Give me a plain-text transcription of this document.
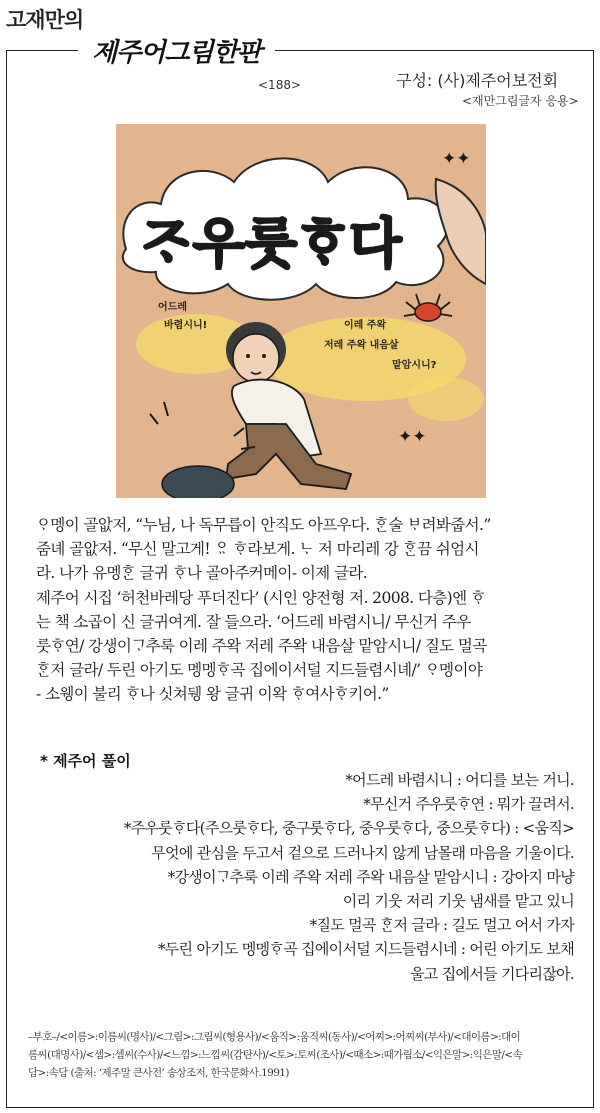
고재만의
제주어그림한판
<188>	구성: (사)제주어보전회
<재만그림글자 응용>
ᄌᆞ우룻ᄒᆞ다
✦✦
어드레 바렴시니!	이레 주왁 저레 주왁 내음살 맡암시니?
✦✦

ᄋᆞ멩이 골앖저, “누님, 나 독무릅이 안직도 아프우다. ᄒᆞᆫ술 ᄇᆞ려봐줍서.”

줌녜 골앖저. “무신 말고게! ᄋᆢ ᄒᆞ라보게. ᄂᆞ 저 마리레 강 ᄒᆞᆫ끔 쉬엄시

라. 나가 유멩ᄒᆞᆫ 글귀 ᄒᆞ나 골아주커메이- 이제 글라.

제주어 시집 ‘허천바레당 푸더진다’ (시인 양전형 저. 2008. 다층)엔 ᄒᆞ

는 책 소곱이 신 글귀여게. 잘 들으라. ‘어드레 바렴시니/ 무신거 주우

룻ᄒᆞ연/ 강생이ᄀᆞ추룩 이레 주왁 저레 주왁 내음살 맡암시니/ 질도 멀곡

ᄒᆞᆫ저 글라/ 두린 아기도 멩멩ᄒᆞ곡 집에이서덜 지드들렴시녜/’ ᄋᆞ멩이야

- 소웽이 불리 ᄒᆞ나 싯쳐뒝 왕 글귀 이왁 ᄒᆞ여사ᄒᆞ키어.”

* 제주어 풀이

*어드레 바렴시니 : 어디를 보는 거니.

*무신거 주우룻ᄒᆞ연 : 뭐가 끌려서.

*주우룻ᄒᆞ다(주으룻ᄒᆞ다, 중구룻ᄒᆞ다, 중우룻ᄒᆞ다, 중으룻ᄒᆞ다) : <움직>

무엇에 관심을 두고서 겉으로 드러나지 않게 남몰래 마음을 기울이다.

*강생이ᄀᆞ추룩 이레 주왁 저레 주왁 내음살 맡암시니 : 강아지 마냥

이리 기웃 저리 기웃 냄새를 맡고 있니

*질도 멀곡 ᄒᆞᆫ저 글라 : 길도 멀고 어서 가자

*두린 아기도 멩멩ᄒᆞ곡 집에이서덜 지드들렴시네 : 어린 아기도 보채

울고 집에서들 기다리잖아.

–부호–/<이름>:이름씨(명사)/<그림>:그림씨(형용사)/<움직>:움직씨(동사)/<어찌>:어찌씨(부사)/<대이름>:대이

름씨(대명사)/<셈>:셈씨(수사)/<느낌>:느낌씨(감탄사)/<토>:토씨(조사)/<때소>:때가림소/<익은말>:익은말/<속

담>:속담 (출처: ‘제주말 큰사전’ 송상조저, 한국문화사.1991)
